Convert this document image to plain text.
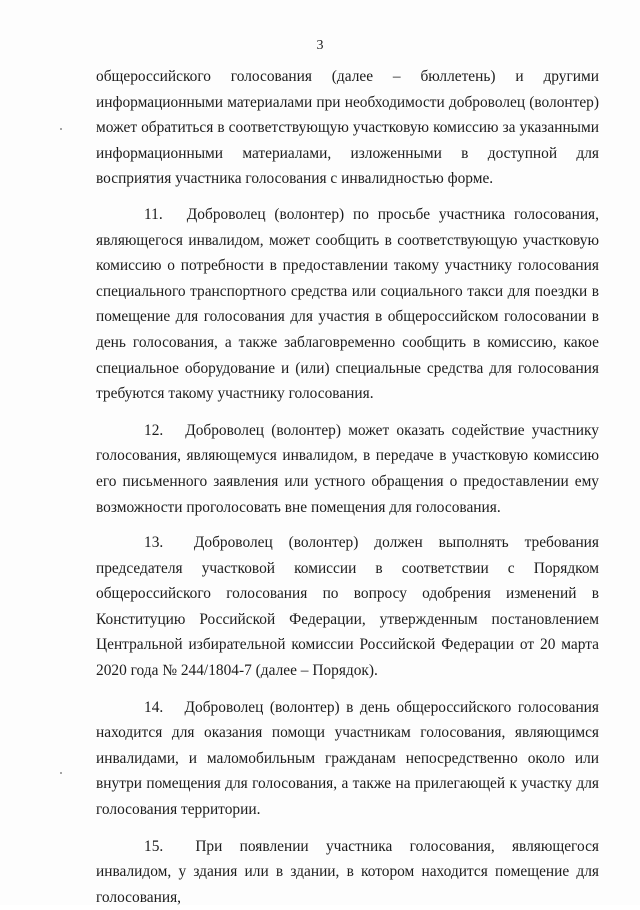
3

общероссийского голосования (далее – бюллетень) и другими информационными материалами при необходимости доброволец (волонтер) может обратиться в соответствующую участковую комиссию за указанными информационными материалами, изложенными в доступной для восприятия участника голосования с инвалидностью форме.

11. Доброволец (волонтер) по просьбе участника голосования, являющегося инвалидом, может сообщить в соответствующую участковую комиссию о потребности в предоставлении такому участнику голосования специального транспортного средства или социального такси для поездки в помещение для голосования для участия в общероссийском голосовании в день голосования, а также заблаговременно сообщить в комиссию, какое специальное оборудование и (или) специальные средства для голосования требуются такому участнику голосования.

12. Доброволец (волонтер) может оказать содействие участнику голосования, являющемуся инвалидом, в передаче в участковую комиссию его письменного заявления или устного обращения о предоставлении ему возможности проголосовать вне помещения для голосования.

13. Доброволец (волонтер) должен выполнять требования председателя участковой комиссии в соответствии с Порядком общероссийского голосования по вопросу одобрения изменений в Конституцию Российской Федерации, утвержденным постановлением Центральной избирательной комиссии Российской Федерации от 20 марта 2020 года № 244/1804-7 (далее – Порядок).

14. Доброволец (волонтер) в день общероссийского голосования находится для оказания помощи участникам голосования, являющимся инвалидами, и маломобильным гражданам непосредственно около или внутри помещения для голосования, а также на прилегающей к участку для голосования территории.

15. При появлении участника голосования, являющегося инвалидом, у здания или в здании, в котором находится помещение для голосования,
